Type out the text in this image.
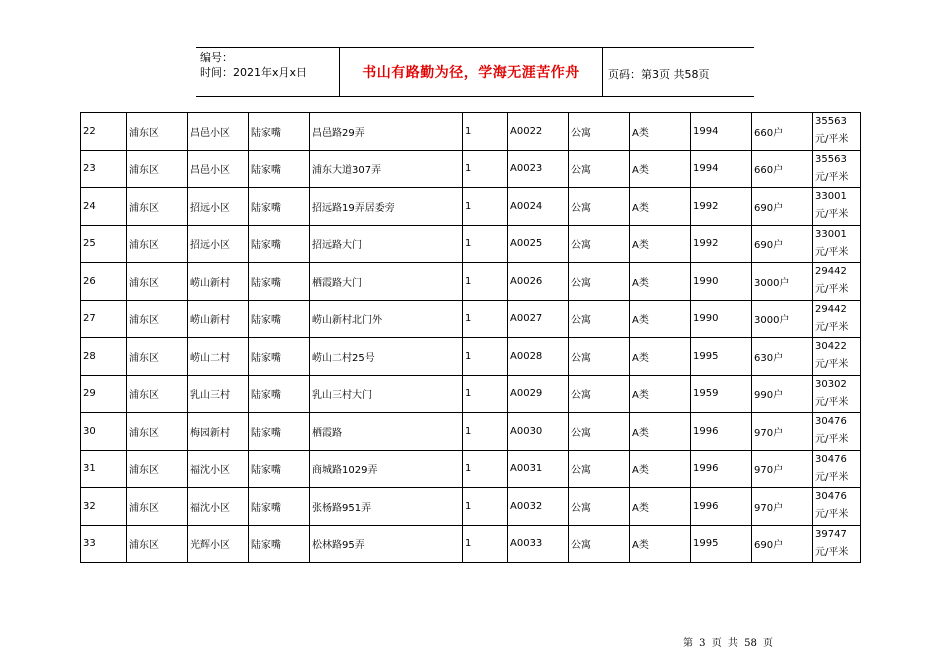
编号：
时间：2021年x月x日	书山有路勤为径，学海无涯苦作舟	页码：第3页 共58页
22	浦东区	昌邑小区	陆家嘴	昌邑路29弄	1	A0022	公寓	A类	1994	660户	35563元/平米
23	浦东区	昌邑小区	陆家嘴	浦东大道307弄	1	A0023	公寓	A类	1994	660户	35563元/平米
24	浦东区	招远小区	陆家嘴	招远路19弄居委旁	1	A0024	公寓	A类	1992	690户	33001元/平米
25	浦东区	招远小区	陆家嘴	招远路大门	1	A0025	公寓	A类	1992	690户	33001元/平米
26	浦东区	崂山新村	陆家嘴	栖霞路大门	1	A0026	公寓	A类	1990	3000户	29442元/平米
27	浦东区	崂山新村	陆家嘴	崂山新村北门外	1	A0027	公寓	A类	1990	3000户	29442元/平米
28	浦东区	崂山二村	陆家嘴	崂山二村25号	1	A0028	公寓	A类	1995	630户	30422元/平米
29	浦东区	乳山三村	陆家嘴	乳山三村大门	1	A0029	公寓	A类	1959	990户	30302元/平米
30	浦东区	梅园新村	陆家嘴	栖霞路	1	A0030	公寓	A类	1996	970户	30476元/平米
31	浦东区	福沈小区	陆家嘴	商城路1029弄	1	A0031	公寓	A类	1996	970户	30476元/平米
32	浦东区	福沈小区	陆家嘴	张杨路951弄	1	A0032	公寓	A类	1996	970户	30476元/平米
33	浦东区	光辉小区	陆家嘴	松林路95弄	1	A0033	公寓	A类	1995	690户	39747元/平米
第 3 页 共 58 页
